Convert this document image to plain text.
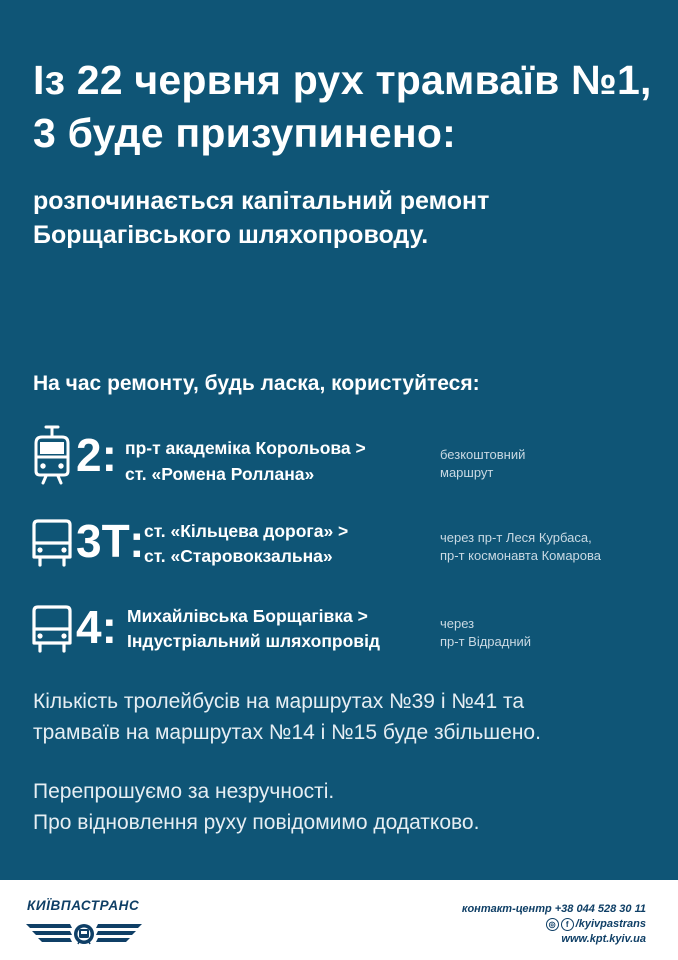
Із 22 червня рух трамваїв №1, 3 буде призупинено:

розпочинається капітальний ремонт Борщагівського шляхопроводу.

На час ремонту, будь ласка, користуйтеся:
2: пр-т академіка Корольова >
ст. «Ромена Роллана»
безкоштовний
маршрут
3Т: ст. «Кільцева дорога» >
ст. «Старовокзальна»
через пр-т Леся Курбаса,
пр-т космонавта Комарова
4: Михайлівська Борщагівка >
Індустріальний шляхопровід
через
пр-т Відрадний
Кількість тролейбусів на маршрутах №39 і №41 та
трамваїв на маршрутах №14 і №15 буде збільшено.
Перепрошуємо за незручності.
Про відновлення руху повідомимо додатково.
КИЇВПАСТРАНС	контакт-центр +38 044 528 30 11
◎	f /kyivpastrans
www.kpt.kyiv.ua
